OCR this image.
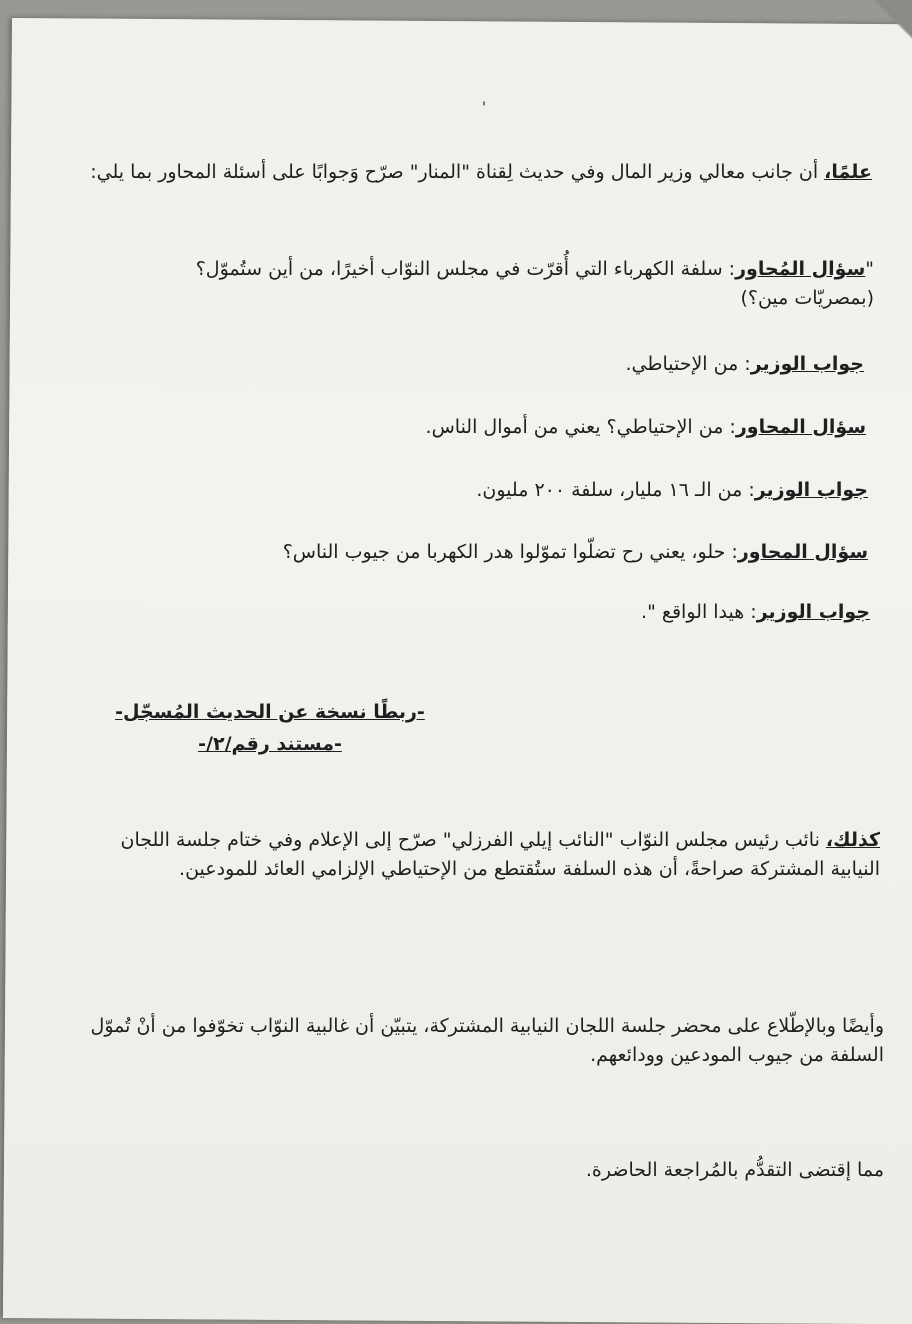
'
علمًا، أن جانب معالي وزير المال وفي حديث لِقناة "المنار" صرّح وَجوابًا على أسئلة المحاور بما يلي:
"سؤال المُحاور: سلفة الكهرباء التي أُقرّت في مجلس النوّاب أخيرًا، من أين ستُموّل؟ (بمصريّات مين؟)
جواب الوزير: من الإحتياطي.
سؤال المحاور: من الإحتياطي؟ يعني من أموال الناس.
جواب الوزير: من الـ ١٦ مليار، سلفة ٢٠٠ مليون.
سؤال المحاور: حلو، يعني رح تضلّوا تموّلوا هدر الكهربا من جيوب الناس؟
جواب الوزير: هيدا الواقع ".
-ربطًا نسخة عن الحديث المُسجّل-
-مستند رقم/٢/-
كذلك، نائب رئيس مجلس النوّاب "النائب إيلي الفرزلي" صرّح إلى الإعلام وفي ختام جلسة اللجان النيابية المشتركة صراحةً، أن هذه السلفة ستُقتطع من الإحتياطي الإلزامي العائد للمودعين.
وأيضًا وبالإطّلاع على محضر جلسة اللجان النيابية المشتركة، يتبيّن أن غالبية النوّاب تخوّفوا من أنْ تُموّل السلفة من جيوب المودعين وودائعهم.
مما إقتضى التقدُّم بالمُراجعة الحاضرة.
